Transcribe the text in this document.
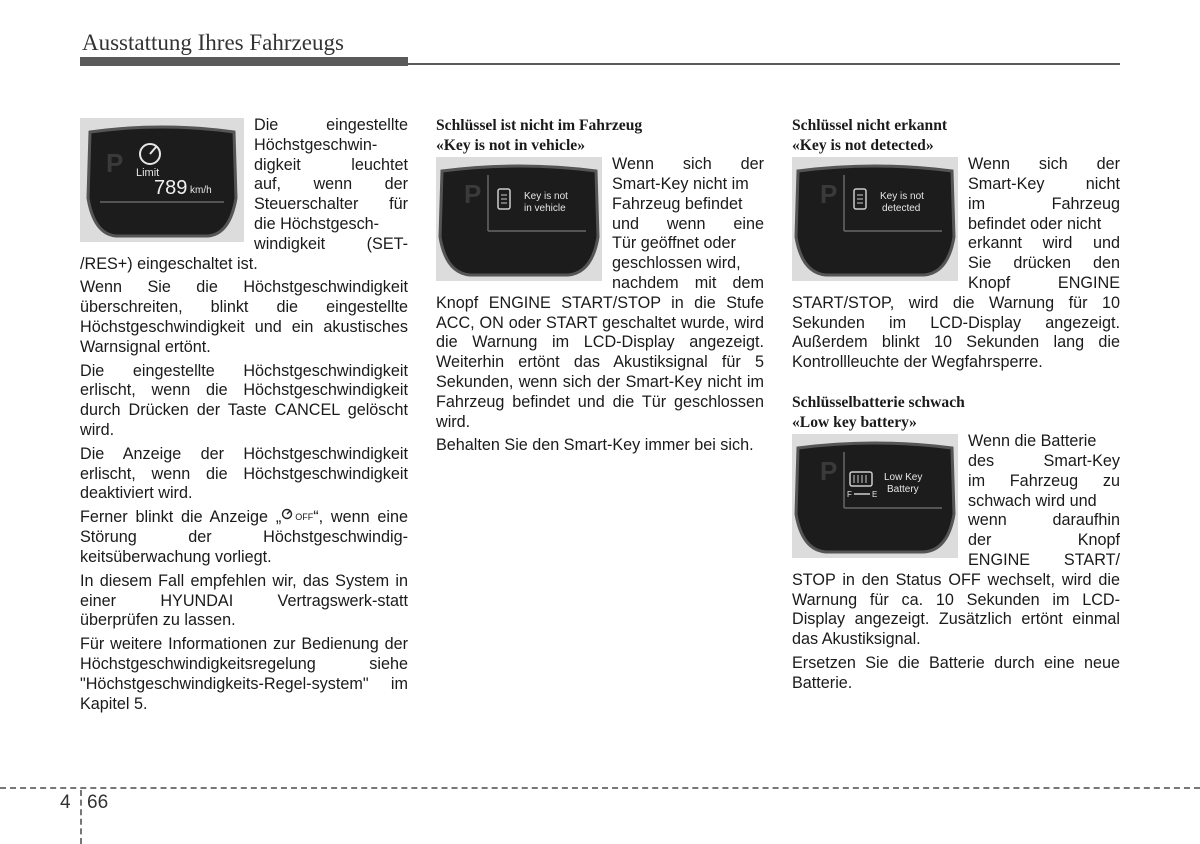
Ausstattung Ihres Fahrzeugs
P Limit
789 km/h
Die eingestellte
Höchstgeschwin-
digkeit leuchtet
auf, wenn der
Steuerschalter für
die Höchstgesch-
windigkeit (SET-

/RES+) eingeschaltet ist.

Wenn Sie die Höchstgeschwindigkeit überschreiten, blinkt die eingestellte Höchstgeschwindigkeit und ein akustisches Warnsignal ertönt.

Die eingestellte Höchstgeschwindigkeit erlischt, wenn die Höchstgeschwindigkeit durch Drücken der Taste CANCEL gelöscht wird.

Die Anzeige der Höchstgeschwindigkeit erlischt, wenn die Höchstgeschwindigkeit deaktiviert wird.

Ferner blinkt die Anzeige „ OFF“, wenn eine Störung der Höchstgeschwindig-keitsüberwachung vorliegt.

In diesem Fall empfehlen wir, das System in einer HYUNDAI Vertragswerk-statt überprüfen zu lassen.

Für weitere Informationen zur Bedienung der Höchstgeschwindigkeitsregelung siehe "Höchstgeschwindigkeits-Regel-system" im Kapitel 5.

Schlüssel ist nicht im Fahrzeug
«Key is not in vehicle»
P	Key is not
in vehicle
Wenn sich der
Smart-Key nicht im
Fahrzeug befindet
und wenn eine
Tür geöffnet oder
geschlossen wird,
nachdem mit dem

Knopf ENGINE START/STOP in die Stufe ACC, ON oder START geschaltet wurde, wird die Warnung im LCD-Display angezeigt. Weiterhin ertönt das Akustiksignal für 5 Sekunden, wenn sich der Smart-Key nicht im Fahrzeug befindet und die Tür geschlossen wird.

Behalten Sie den Smart-Key immer bei sich.

Schlüssel nicht erkannt
«Key is not detected»
P	Key is not
detected
Wenn sich der
Smart-Key nicht
im Fahrzeug
befindet oder nicht
erkannt wird und
Sie drücken den
Knopf ENGINE

START/STOP, wird die Warnung für 10 Sekunden im LCD-Display angezeigt. Außerdem blinkt 10 Sekunden lang die Kontrollleuchte der Wegfahrsperre.

Schlüsselbatterie schwach
«Low key battery»
P
F	E
Low Key
Battery
Wenn die Batterie
des Smart-Key
im Fahrzeug zu
schwach wird und
wenn daraufhin
der Knopf
ENGINE START/

STOP in den Status OFF wechselt, wird die Warnung für ca. 10 Sekunden im LCD-Display angezeigt. Zusätzlich ertönt einmal das Akustiksignal.

Ersetzen Sie die Batterie durch eine neue Batterie.

4 66
